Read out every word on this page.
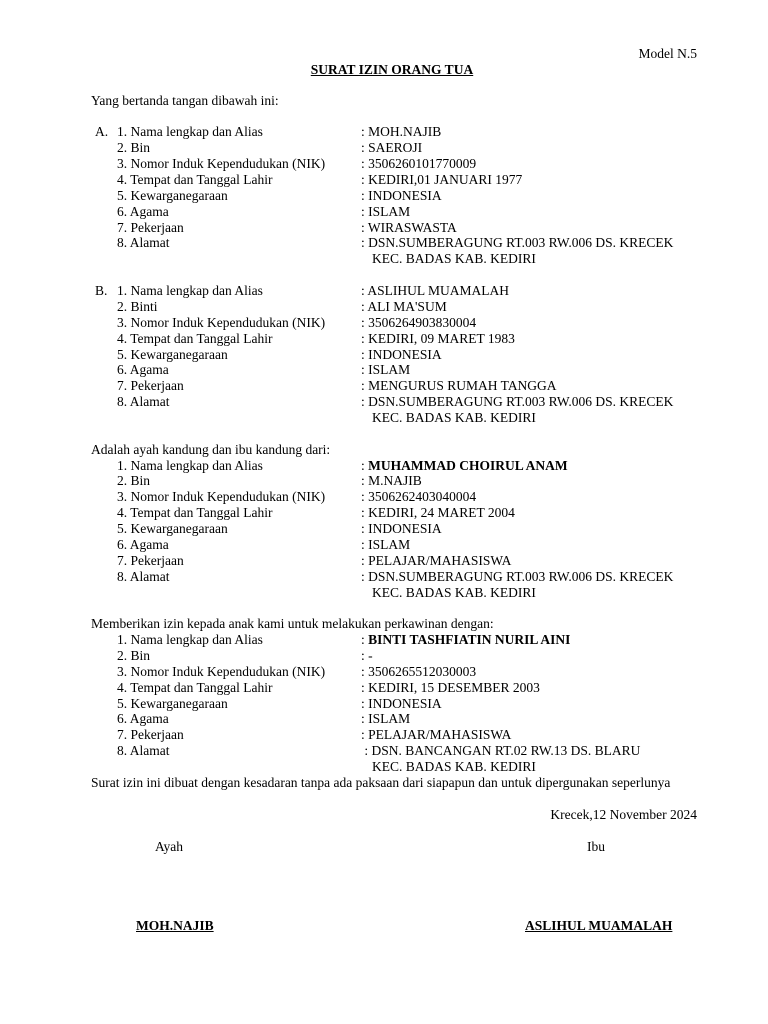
Model N.5
SURAT IZIN ORANG TUA
Yang bertanda tangan dibawah ini:
A. 1. Nama lengkap dan Alias	: MOH.NAJIB
2. Bin	: SAEROJI
3. Nomor Induk Kependudukan (NIK)	: 3506260101770009
4. Tempat dan Tanggal Lahir	: KEDIRI,01 JANUARI 1977
5. Kewarganegaraan	: INDONESIA
6. Agama	: ISLAM
7. Pekerjaan	: WIRASWASTA
8. Alamat	: DSN.SUMBERAGUNG RT.003 RW.006 DS. KRECEK
KEC. BADAS KAB. KEDIRI
B. 1. Nama lengkap dan Alias	: ASLIHUL MUAMALAH
2. Binti	: ALI MA'SUM
3. Nomor Induk Kependudukan (NIK)	: 3506264903830004
4. Tempat dan Tanggal Lahir	: KEDIRI, 09 MARET 1983
5. Kewarganegaraan	: INDONESIA
6. Agama	: ISLAM
7. Pekerjaan	: MENGURUS RUMAH TANGGA
8. Alamat	: DSN.SUMBERAGUNG RT.003 RW.006 DS. KRECEK
KEC. BADAS KAB. KEDIRI
Adalah ayah kandung dan ibu kandung dari:
1. Nama lengkap dan Alias	: MUHAMMAD CHOIRUL ANAM
2. Bin	: M.NAJIB
3. Nomor Induk Kependudukan (NIK)	: 3506262403040004
4. Tempat dan Tanggal Lahir	: KEDIRI, 24 MARET 2004
5. Kewarganegaraan	: INDONESIA
6. Agama	: ISLAM
7. Pekerjaan	: PELAJAR/MAHASISWA
8. Alamat	: DSN.SUMBERAGUNG RT.003 RW.006 DS. KRECEK
KEC. BADAS KAB. KEDIRI
Memberikan izin kepada anak kami untuk melakukan perkawinan dengan:
1. Nama lengkap dan Alias	: BINTI TASHFIATIN NURIL AINI
2. Bin	: -
3. Nomor Induk Kependudukan (NIK)	: 3506265512030003
4. Tempat dan Tanggal Lahir	: KEDIRI, 15 DESEMBER 2003
5. Kewarganegaraan	: INDONESIA
6. Agama	: ISLAM
7. Pekerjaan	: PELAJAR/MAHASISWA
8. Alamat	: DSN. BANCANGAN RT.02 RW.13 DS. BLARU
KEC. BADAS KAB. KEDIRI
Surat izin ini dibuat dengan kesadaran tanpa ada paksaan dari siapapun dan untuk dipergunakan seperlunya
Krecek,12 November 2024
Ayah	Ibu
MOH.NAJIB	ASLIHUL MUAMALAH
